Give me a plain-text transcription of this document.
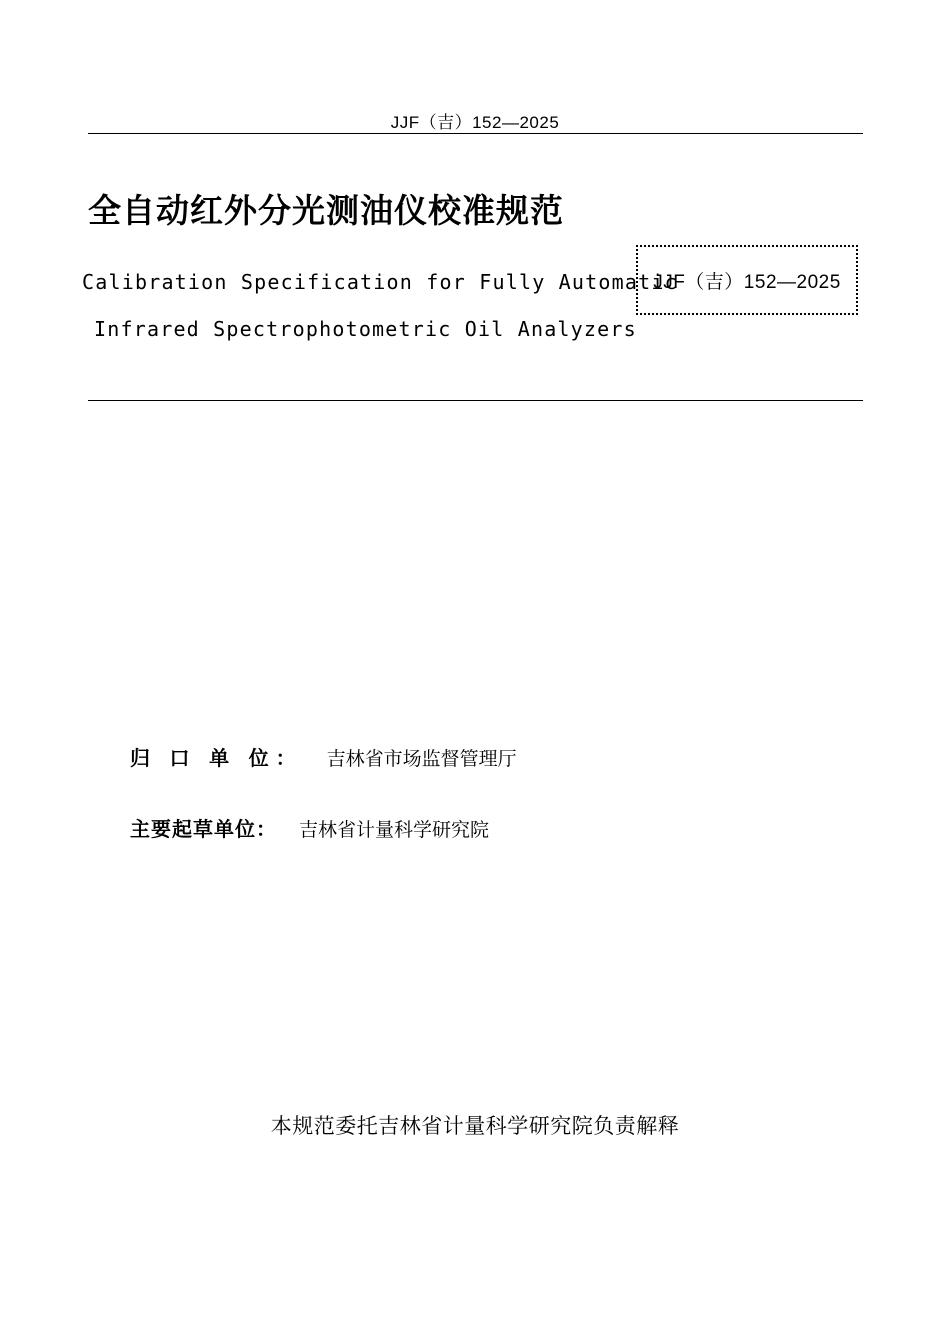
JJF（吉）152—2025
全自动红外分光测油仪校准规范
Calibration Specification for Fully Automatic
Infrared Spectrophotometric Oil Analyzers
JJF（吉）152—2025
归 口 单 位： 吉林省市场监督管理厅
主要起草单位： 吉林省计量科学研究院
本规范委托吉林省计量科学研究院负责解释
